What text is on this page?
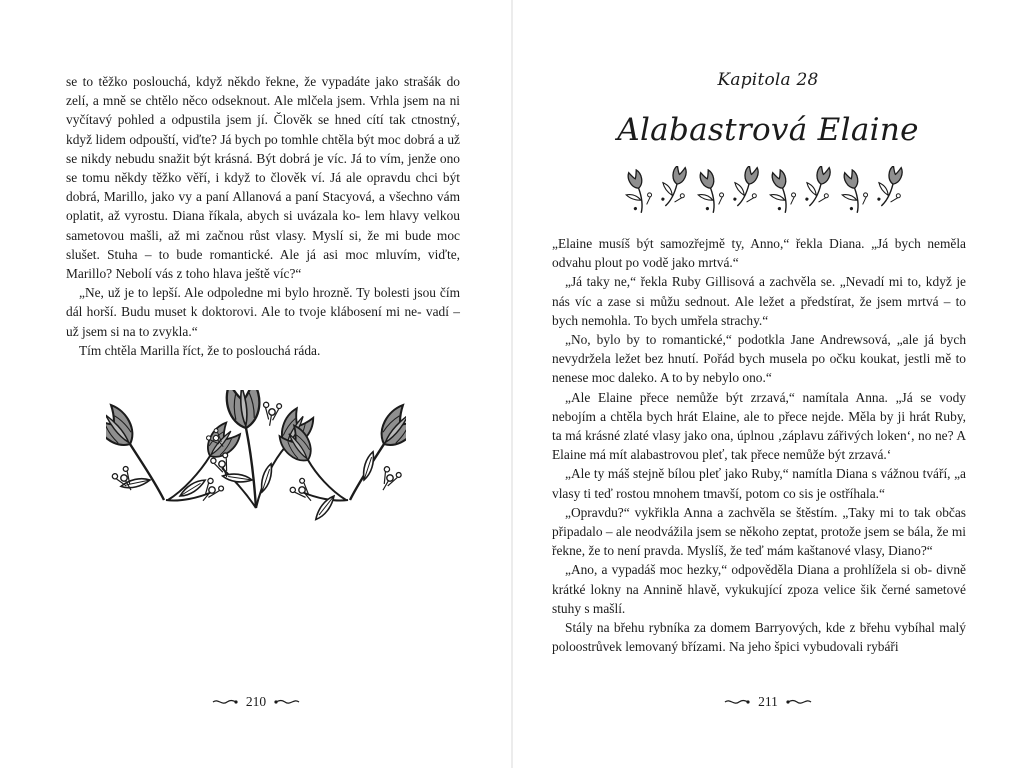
se to těžko poslouchá, když někdo řekne, že vypadáte jako strašák do zelí, a mně se chtělo něco odseknout. Ale mlčela jsem. Vrhla jsem na ni vyčítavý pohled a odpustila jsem jí. Člověk se hned cítí tak ctnostný, když lidem odpouští, viďte? Já bych po tomhle chtěla být moc dobrá a už se nikdy nebudu snažit být krásná. Být dobrá je víc. Já to vím, jenže ono se tomu někdy těžko věří, i když to člověk ví. Já ale opravdu chci být dobrá, Marillo, jako vy a paní Allanová a paní Stacyová, a všechno vám oplatit, až vyrostu. Diana říkala, abych si uvázala ko- lem hlavy velkou sametovou mašli, až mi začnou růst vlasy. Myslí si, že mi bude moc slušet. Stuha – to bude romantické. Ale já asi moc mluvím, viďte, Marillo? Nebolí vás z toho hlava ještě víc?“

„Ne, už je to lepší. Ale odpoledne mi bylo hrozně. Ty bolesti jsou čím dál horší. Budu muset k doktorovi. Ale to tvoje klábosení mi ne- vadí – už jsem si na to zvykla.“

Tím chtěla Marilla říct, že to poslouchá ráda.

210
Kapitola 28
Alabastrová Elaine

„Elaine musíš být samozřejmě ty, Anno,“ řekla Diana. „Já bych neměla odvahu plout po vodě jako mrtvá.“

„Já taky ne,“ řekla Ruby Gillisová a zachvěla se. „Nevadí mi to, když je nás víc a zase si můžu sednout. Ale ležet a předstírat, že jsem mrtvá – to bych nemohla. To bych umřela strachy.“

„No, bylo by to romantické,“ podotkla Jane Andrewsová, „ale já bych nevydržela ležet bez hnutí. Pořád bych musela po očku koukat, jestli mě to nenese moc daleko. A to by nebylo ono.“

„Ale Elaine přece nemůže být zrzavá,“ namítala Anna. „Já se vody nebojím a chtěla bych hrát Elaine, ale to přece nejde. Měla by ji hrát Ruby, ta má krásné zlaté vlasy jako ona, úplnou ‚záplavu zářivých loken‘, no ne? A Elaine má mít alabastrovou pleť, tak přece nemůže být zrzavá.‘

„Ale ty máš stejně bílou pleť jako Ruby,“ namítla Diana s vážnou tváří, „a vlasy ti teď rostou mnohem tmavší, potom co sis je ostříhala.“

„Opravdu?“ vykřikla Anna a zachvěla se štěstím. „Taky mi to tak občas připadalo – ale neodvážila jsem se někoho zeptat, protože jsem se bála, že mi řekne, že to není pravda. Myslíš, že teď mám kaštanové vlasy, Diano?“

„Ano, a vypadáš moc hezky,“ odpověděla Diana a prohlížela si ob- divně krátké lokny na Annině hlavě, vykukující zpoza velice šik černé sametové stuhy s mašlí.

Stály na břehu rybníka za domem Barryových, kde z břehu vybíhal malý poloostrůvek lemovaný břízami. Na jeho špici vybudovali rybáři

211
